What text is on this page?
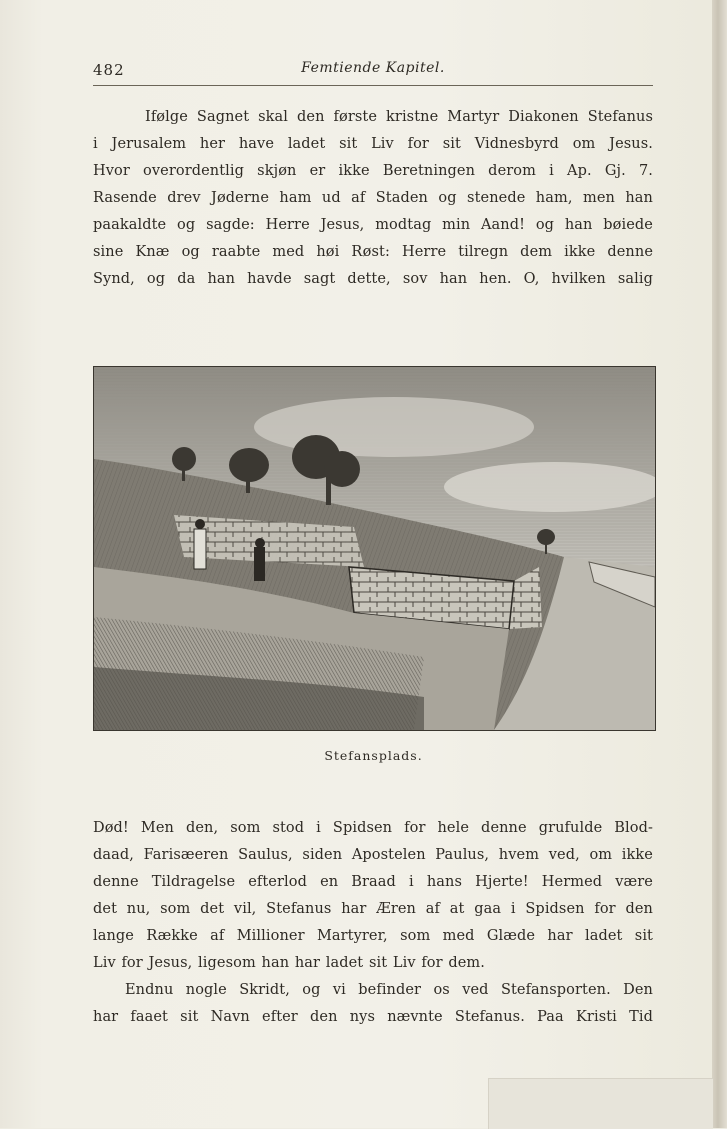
482	Femtiende Kapitel.
Ifølge Sagnet skal den første kristne Martyr Diakonen Stefanus
i Jerusalem her have ladet sit Liv for sit Vidnesbyrd om Jesus.
Hvor overordentlig skjøn er ikke Beretningen derom i Ap. Gj. 7.
Rasende drev Jøderne ham ud af Staden og stenede ham, men han
paakaldte og sagde: Herre Jesus, modtag min Aand! og han bøiede
sine Knæ og raabte med høi Røst: Herre tilregn dem ikke denne
Synd, og da han havde sagt dette, sov han hen. O, hvilken salig
Stefansplads.
Død! Men den, som stod i Spidsen for hele denne grufulde Blod-
daad, Farisæeren Saulus, siden Apostelen Paulus, hvem ved, om ikke
denne Tildragelse efterlod en Braad i hans Hjerte! Hermed være
det nu, som det vil, Stefanus har Æren af at gaa i Spidsen for den
lange Række af Millioner Martyrer, som med Glæde har ladet sit
Liv for Jesus, ligesom han har ladet sit Liv for dem.
Endnu nogle Skridt, og vi befinder os ved Stefansporten. Den
har faaet sit Navn efter den nys nævnte Stefanus. Paa Kristi Tid
